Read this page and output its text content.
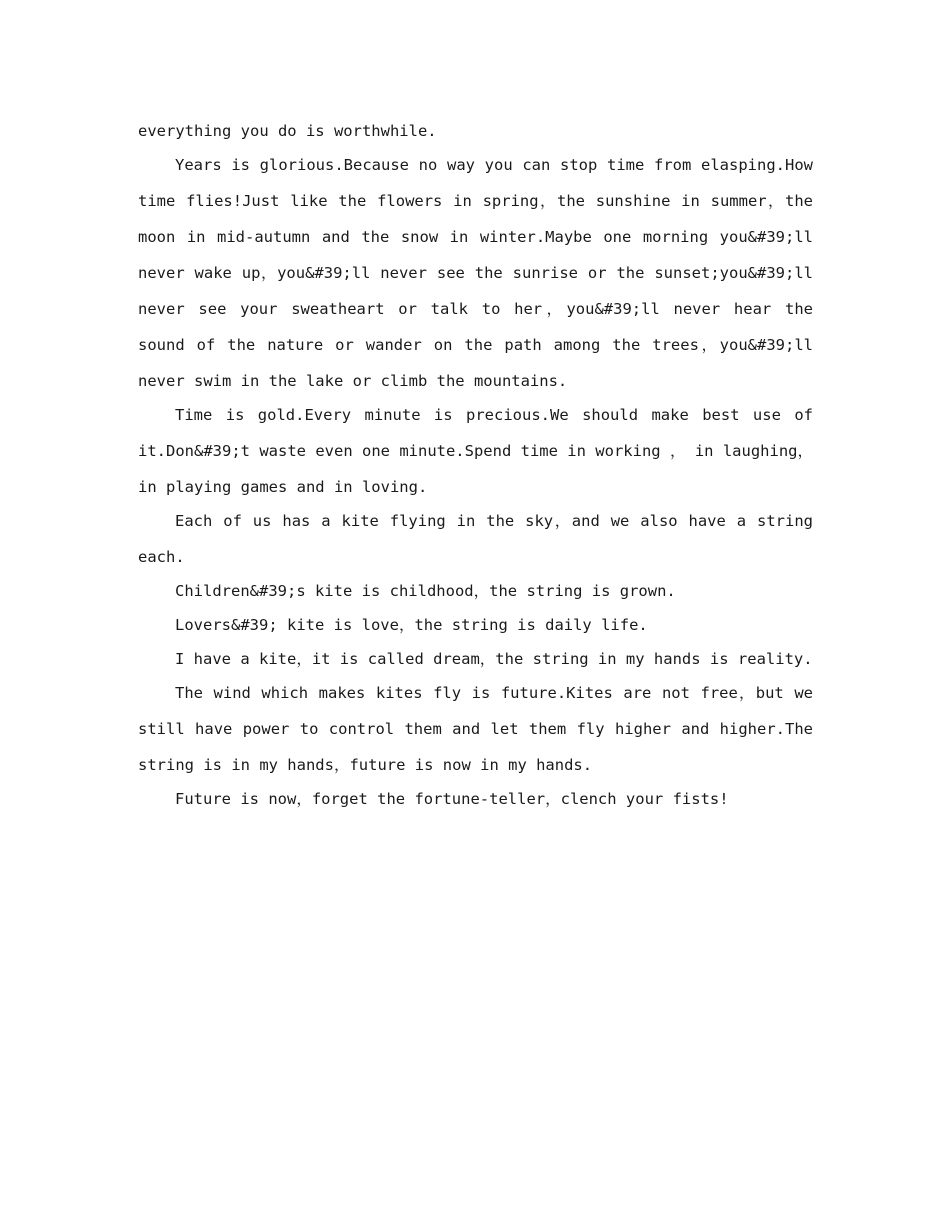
everything you do is worthwhile.

Years is glorious.Because no way you can stop time from elasping.How time flies!Just like the flowers in spring，the sunshine in summer，the moon in mid-autumn and the snow in winter.Maybe one morning you&#39;ll never wake up，you&#39;ll never see the sunrise or the sunset;you&#39;ll never see your sweatheart or talk to her，you&#39;ll never hear the sound of the nature or wander on the path among the trees，you&#39;ll never swim in the lake or climb the mountains.

Time is gold.Every minute is precious.We should make best use of it.Don&#39;t waste even one minute.Spend time in working ， in laughing，in playing games and in loving.

Each of us has a kite flying in the sky，and we also have a string each.

Children&#39;s kite is childhood，the string is grown.

Lovers&#39; kite is love，the string is daily life.

I have a kite，it is called dream，the string in my hands is reality.

The wind which makes kites fly is future.Kites are not free，but we still have power to control them and let them fly higher and higher.The string is in my hands，future is now in my hands.

Future is now，forget the fortune-teller，clench your fists!
